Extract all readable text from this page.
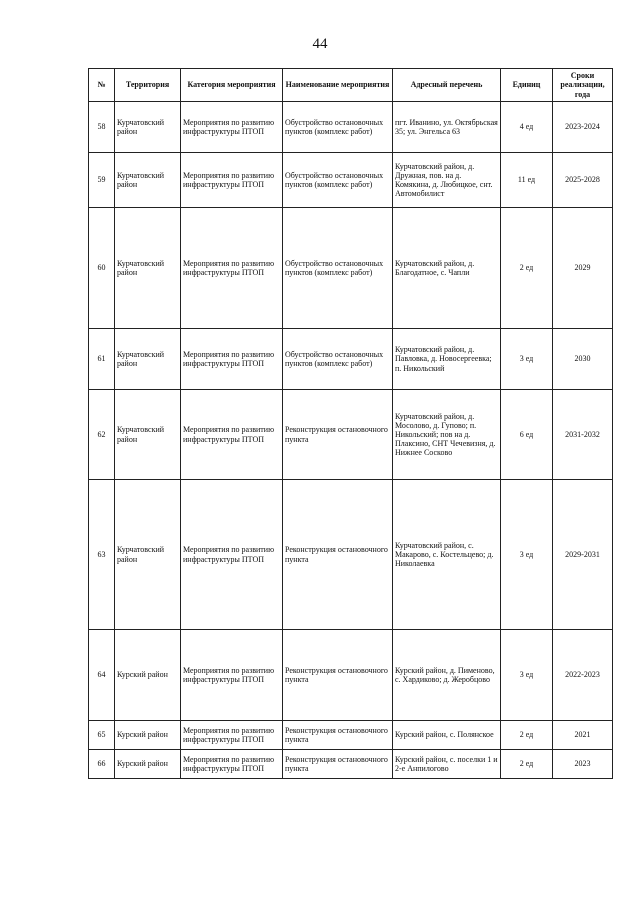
44
№	Территория	Категория мероприятия	Наименование мероприятия	Адресный перечень	Единиц	Сроки реализации, года
58	Курчатовский район	Мероприятия по развитию инфраструктуры ПТОП	Обустройство остановочных пунктов (комплекс работ)	пгт. Иванино, ул. Октябрьская 35; ул. Энгельса 63	4 ед	2023-2024
59	Курчатовский район	Мероприятия по развитию инфраструктуры ПТОП	Обустройство остановочных пунктов (комплекс работ)	Курчатовский район, д. Дружная, пов. на д. Комякина, д. Любицкое, снт. Автомобилист	11 ед	2025-2028
60	Курчатовский район	Мероприятия по развитию инфраструктуры ПТОП	Обустройство остановочных пунктов (комплекс работ)	Курчатовский район, д. Благодатное, с. Чапли	2 ед	2029
61	Курчатовский район	Мероприятия по развитию инфраструктуры ПТОП	Обустройство остановочных пунктов (комплекс работ)	Курчатовский район, д. Павловка, д. Новосергеевка; п. Никольский	3 ед	2030
62	Курчатовский район	Мероприятия по развитию инфраструктуры ПТОП	Реконструкция остановочного пункта	Курчатовский район, д. Мосолово, д. Гупово; п. Никольский; пов на д. Плаксино, СНТ Чечевизня, д. Нижнее Сосково	6 ед	2031-2032
63	Курчатовский район	Мероприятия по развитию инфраструктуры ПТОП	Реконструкция остановочного пункта	Курчатовский район, с. Макарово, с. Костельцево; д. Николаевка	3 ед	2029-2031
64	Курский район	Мероприятия по развитию инфраструктуры ПТОП	Реконструкция остановочного пункта	Курский район, д. Пименово, с. Хардиково; д. Жеробцово	3 ед	2022-2023
65	Курский район	Мероприятия по развитию инфраструктуры ПТОП	Реконструкция остановочного пункта	Курский район, с. Полянское	2 ед	2021
66	Курский район	Мероприятия по развитию инфраструктуры ПТОП	Реконструкция остановочного пункта	Курский район, с. поселки 1 и 2-е Анпилогово	2 ед	2023
